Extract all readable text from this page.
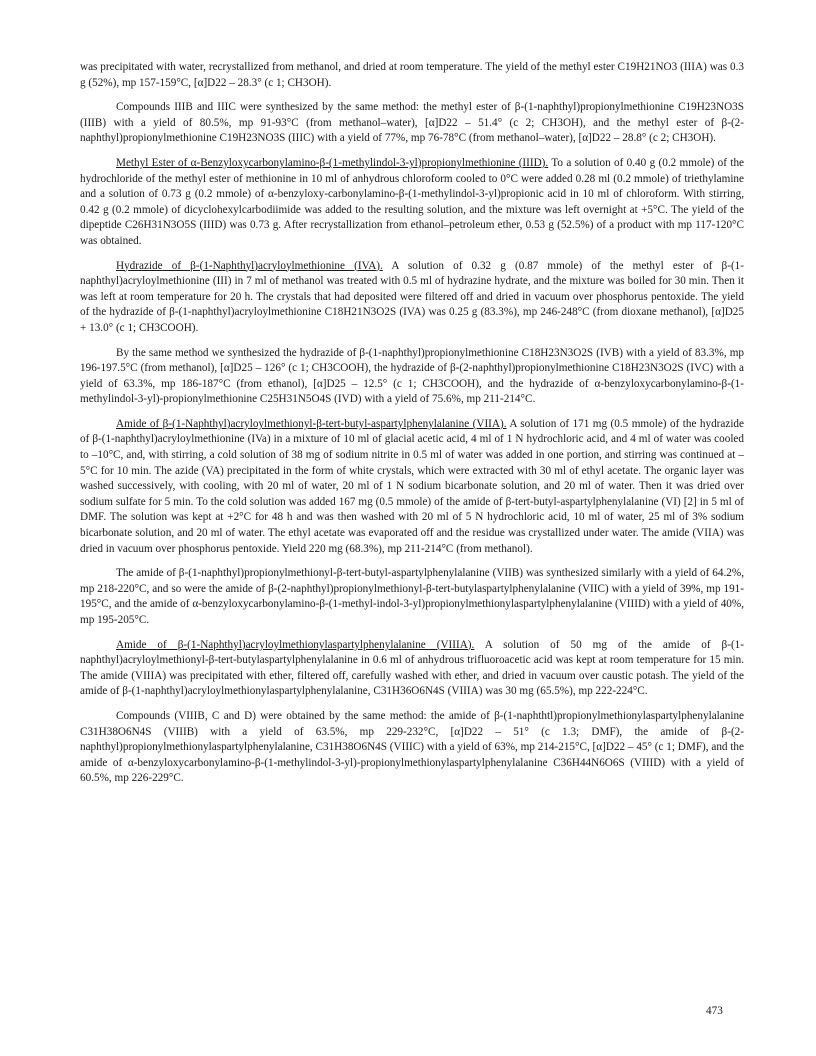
was precipitated with water, recrystallized from methanol, and dried at room temperature. The yield of the methyl ester C19H21NO3 (IIIA) was 0.3 g (52%), mp 157-159°C, [α]D22 – 28.3° (c 1; CH3OH).

Compounds IIIB and IIIC were synthesized by the same method: the methyl ester of β-(1-naphthyl)propionylmethionine C19H23NO3S (IIIB) with a yield of 80.5%, mp 91-93°C (from methanol–water), [α]D22 – 51.4° (c 2; CH3OH), and the methyl ester of β-(2-naphthyl)propionylmethionine C19H23NO3S (IIIC) with a yield of 77%, mp 76-78°C (from methanol–water), [α]D22 – 28.8° (c 2; CH3OH).

Methyl Ester of α-Benzyloxycarbonylamino-β-(1-methylindol-3-yl)propionylmethionine (IIID). To a solution of 0.40 g (0.2 mmole) of the hydrochloride of the methyl ester of methionine in 10 ml of anhydrous chloroform cooled to 0°C were added 0.28 ml (0.2 mmole) of triethylamine and a solution of 0.73 g (0.2 mmole) of α-benzyloxy-carbonylamino-β-(1-methylindol-3-yl)propionic acid in 10 ml of chloroform. With stirring, 0.42 g (0.2 mmole) of dicyclohexylcarbodiimide was added to the resulting solution, and the mixture was left overnight at +5°C. The yield of the dipeptide C26H31N3O5S (IIID) was 0.73 g. After recrystallization from ethanol–petroleum ether, 0.53 g (52.5%) of a product with mp 117-120°C was obtained.

Hydrazide of β-(1-Naphthyl)acryloylmethionine (IVA). A solution of 0.32 g (0.87 mmole) of the methyl ester of β-(1-naphthyl)acryloylmethionine (III) in 7 ml of methanol was treated with 0.5 ml of hydrazine hydrate, and the mixture was boiled for 30 min. Then it was left at room temperature for 20 h. The crystals that had deposited were filtered off and dried in vacuum over phosphorus pentoxide. The yield of the hydrazide of β-(1-naphthyl)acryloylmethionine C18H21N3O2S (IVA) was 0.25 g (83.3%), mp 246-248°C (from dioxane methanol), [α]D25 + 13.0° (c 1; CH3COOH).

By the same method we synthesized the hydrazide of β-(1-naphthyl)propionylmethionine C18H23N3O2S (IVB) with a yield of 83.3%, mp 196-197.5°C (from methanol), [α]D25 – 126° (c 1; CH3COOH), the hydrazide of β-(2-naphthyl)propionylmethionine C18H23N3O2S (IVC) with a yield of 63.3%, mp 186-187°C (from ethanol), [α]D25 – 12.5° (c 1; CH3COOH), and the hydrazide of α-benzyloxycarbonylamino-β-(1-methylindol-3-yl)-propionylmethionine C25H31N5O4S (IVD) with a yield of 75.6%, mp 211-214°C.

Amide of β-(1-Naphthyl)acryloylmethionyl-β-tert-butyl-aspartylphenylalanine (VIIA). A solution of 171 mg (0.5 mmole) of the hydrazide of β-(1-naphthyl)acryloylmethionine (IVa) in a mixture of 10 ml of glacial acetic acid, 4 ml of 1 N hydrochloric acid, and 4 ml of water was cooled to –10°C, and, with stirring, a cold solution of 38 mg of sodium nitrite in 0.5 ml of water was added in one portion, and stirring was continued at –5°C for 10 min. The azide (VA) precipitated in the form of white crystals, which were extracted with 30 ml of ethyl acetate. The organic layer was washed successively, with cooling, with 20 ml of water, 20 ml of 1 N sodium bicarbonate solution, and 20 ml of water. Then it was dried over sodium sulfate for 5 min. To the cold solution was added 167 mg (0.5 mmole) of the amide of β-tert-butyl-aspartylphenylalanine (VI) [2] in 5 ml of DMF. The solution was kept at +2°C for 48 h and was then washed with 20 ml of 5 N hydrochloric acid, 10 ml of water, 25 ml of 3% sodium bicarbonate solution, and 20 ml of water. The ethyl acetate was evaporated off and the residue was crystallized under water. The amide (VIIA) was dried in vacuum over phosphorus pentoxide. Yield 220 mg (68.3%), mp 211-214°C (from methanol).

The amide of β-(1-naphthyl)propionylmethionyl-β-tert-butyl-aspartylphenylalanine (VIIB) was synthesized similarly with a yield of 64.2%, mp 218-220°C, and so were the amide of β-(2-naphthyl)propionylmethionyl-β-tert-butylaspartylphenylalanine (VIIC) with a yield of 39%, mp 191-195°C, and the amide of α-benzyloxycarbonylamino-β-(1-methyl-indol-3-yl)propionylmethionylaspartylphenylalanine (VIIID) with a yield of 40%, mp 195-205°C.

Amide of β-(1-Naphthyl)acryloylmethionylaspartylphenylalanine (VIIIA). A solution of 50 mg of the amide of β-(1-naphthyl)acryloylmethionyl-β-tert-butylaspartylphenylalanine in 0.6 ml of anhydrous trifluoroacetic acid was kept at room temperature for 15 min. The amide (VIIIA) was precipitated with ether, filtered off, carefully washed with ether, and dried in vacuum over caustic potash. The yield of the amide of β-(1-naphthyl)acryloylmethionylaspartylphenylalanine, C31H36O6N4S (VIIIA) was 30 mg (65.5%), mp 222-224°C.

Compounds (VIIIB, C and D) were obtained by the same method: the amide of β-(1-naphthtl)propionylmethionylaspartylphenylalanine C31H38O6N4S (VIIIB) with a yield of 63.5%, mp 229-232°C, [α]D22 – 51° (c 1.3; DMF), the amide of β-(2-naphthyl)propionylmethionylaspartylphenylalanine, C31H38O6N4S (VIIIC) with a yield of 63%, mp 214-215°C, [α]D22 – 45° (c 1; DMF), and the amide of α-benzyloxycarbonylamino-β-(1-methylindol-3-yl)-propionylmethionylaspartylphenylalanine C36H44N6O6S (VIIID) with a yield of 60.5%, mp 226-229°C.

473
